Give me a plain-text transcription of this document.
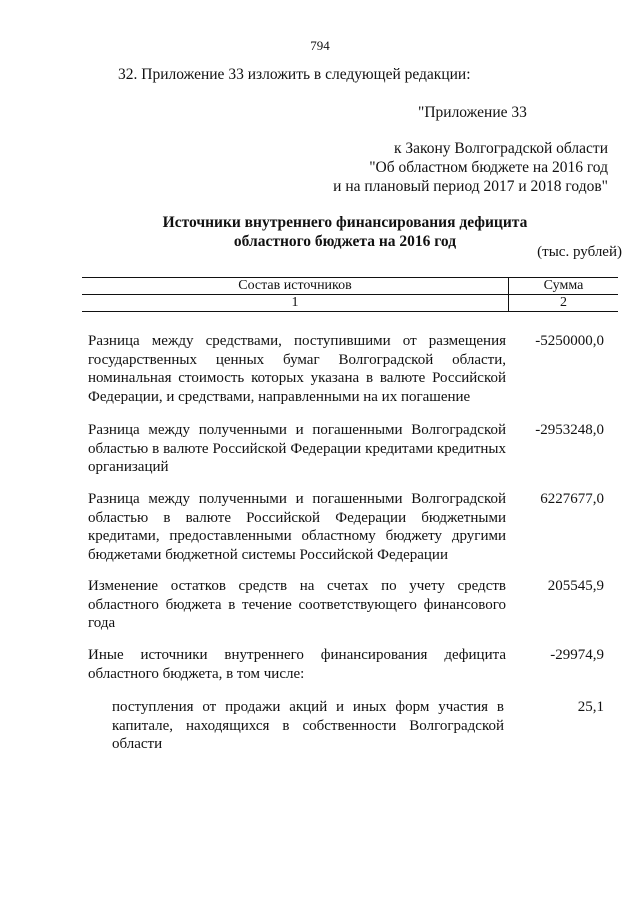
794
32. Приложение 33 изложить в следующей редакции:
"Приложение 33
к Закону Волгоградской области
"Об областном бюджете на 2016 год
и на плановый период 2017 и 2018 годов"
Источники внутреннего финансирования дефицита
областного бюджета на 2016 год
(тыс. рублей)
Состав источников	Сумма
1	2
Разница между средствами, поступившими от размещения государственных ценных бумаг Волгоградской области, номинальная стоимость которых указана в валюте Российской Федерации, и средствами, направленными на их погашение
-5250000,0
Разница между полученными и погашенными Волгоградской областью в валюте Российской Федерации кредитами кредитных организаций
-2953248,0
Разница между полученными и погашенными Волгоградской областью в валюте Российской Федерации бюджетными кредитами, предоставленными областному бюджету другими бюджетами бюджетной системы Российской Федерации
6227677,0
Изменение остатков средств на счетах по учету средств областного бюджета в течение соответствующего финансового года
205545,9
Иные источники внутреннего финансирования дефицита областного бюджета, в том числе:
-29974,9
поступления от продажи акций и иных форм участия в капитале, находящихся в собственности Волгоградской области
25,1
